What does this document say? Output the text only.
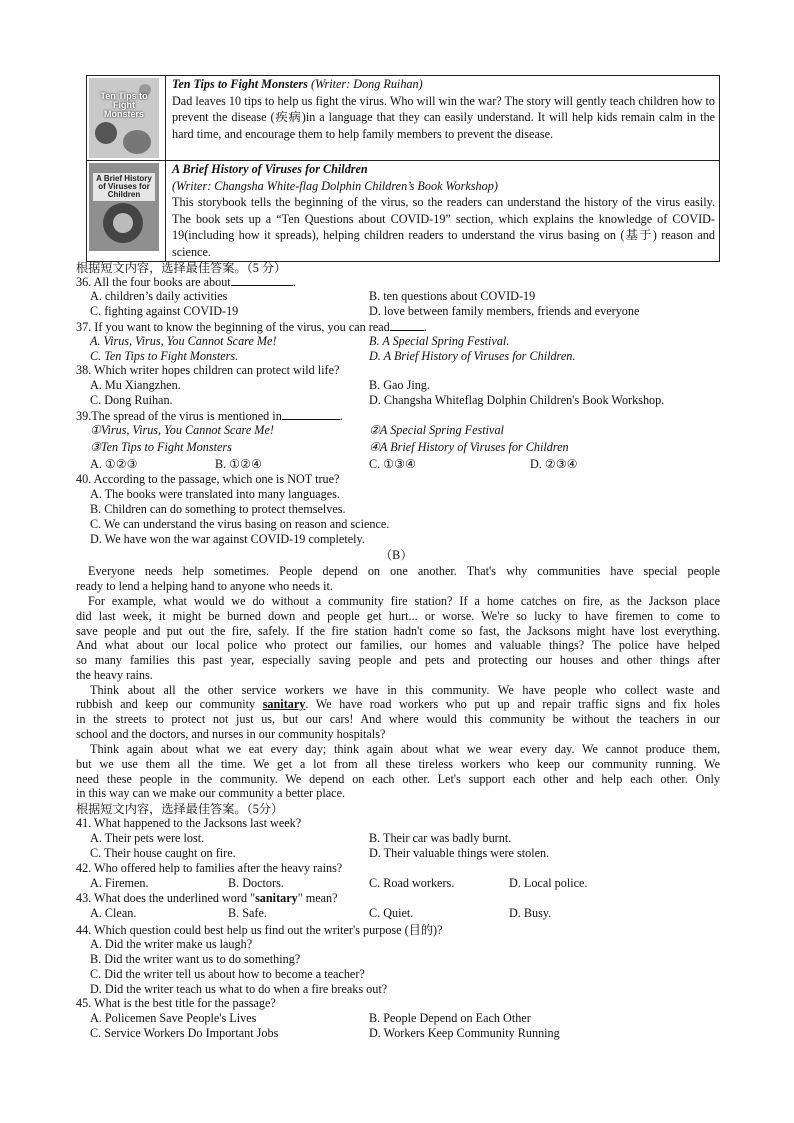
Ten Tips to Fight Monsters	Ten Tips to Fight Monsters (Writer: Dong Ruihan)
Dad leaves 10 tips to help us fight the virus. Who will win the war? The story will gently teach children how to prevent the disease (疾病)in a language that they can easily understand. It will help kids remain calm in the hard time, and encourage them to help family members to prevent the disease.

A Brief History of Viruses for Children	A Brief History of Viruses for Children
(Writer: Changsha White-flag Dolphin Children’s Book Workshop)
This storybook tells the beginning of the virus, so the readers can understand the history of the virus easily. The book sets up a “Ten Questions about COVID-19” section, which explains the knowledge of COVID-19(including how it spreads), helping children readers to understand the virus basing on (基于) reason and science.
根据短文内容，选择最佳答案。（5 分）
36. All the four books are about	.
A. children’s daily activities	B. ten questions about COVID-19
C. fighting against COVID-19	D. love between family members, friends and everyone
37. If you want to know the beginning of the virus, you can read	.
A. Virus, Virus, You Cannot Scare Me!	B. A Special Spring Festival.
C. Ten Tips to Fight Monsters.	D. A Brief History of Viruses for Children.
38. Which writer hopes children can protect wild life?
A. Mu Xiangzhen.	B. Gao Jing.
C. Dong Ruihan.	D. Changsha Whiteflag Dolphin Children's Book Workshop.
39.The spread of the virus is mentioned in	.
①Virus, Virus, You Cannot Scare Me!	②A Special Spring Festival
③Ten Tips to Fight Monsters	④A Brief History of Viruses for Children
A. ①②③	B. ①②④	C. ①③④	D. ②③④
40. According to the passage, which one is NOT true?
A. The books were translated into many languages.
B. Children can do something to protect themselves.
C. We can understand the virus basing on reason and science.
D. We have won the war against COVID-19 completely.
（B）
Everyone needs help sometimes. People depend on one another. That's why communities have special people
ready to lend a helping hand to anyone who needs it.
For example, what would we do without a community fire station? If a home catches on fire, as the Jackson place
did last week, it might be burned down and people get hurt... or worse. We're so lucky to have firemen to come to
save people and put out the fire, safely. If the fire station hadn't come so fast, the Jacksons might have lost everything.
And what about our local police who protect our families, our homes and valuable things? The police have helped
so many families this past year, especially saving people and pets and protecting our houses and other things after
the heavy rains.
Think about all the other service workers we have in this community. We have people who collect waste and
rubbish and keep our community sanitary. We have road workers who put up and repair traffic signs and fix holes
in the streets to protect not just us, but our cars! And where would this community be without the teachers in our
school and the doctors, and nurses in our community hospitals?
Think again about what we eat every day; think again about what we wear every day. We cannot produce them,
but we use them all the time. We get a lot from all these tireless workers who keep our community running. We
need these people in the community. We depend on each other. Let's support each other and help each other. Only
in this way can we make our community a better place.
根据短文内容，选择最佳答案。（5分）
41. What happened to the Jacksons last week?
A. Their pets were lost.	B. Their car was badly burnt.
C. Their house caught on fire.	D. Their valuable things were stolen.
42. Who offered help to families after the heavy rains?
A. Firemen.	B. Doctors.	C. Road workers.	D. Local police.
43. What does the underlined word "sanitary" mean?
A. Clean.	B. Safe.	C. Quiet.	D. Busy.
44. Which question could best help us find out the writer's purpose (目的)?
A. Did the writer make us laugh?
B. Did the writer want us to do something?
C. Did the writer tell us about how to become a teacher?
D. Did the writer teach us what to do when a fire breaks out?
45. What is the best title for the passage?
A. Policemen Save People's Lives	B. People Depend on Each Other
C. Service Workers Do Important Jobs	D. Workers Keep Community Running
